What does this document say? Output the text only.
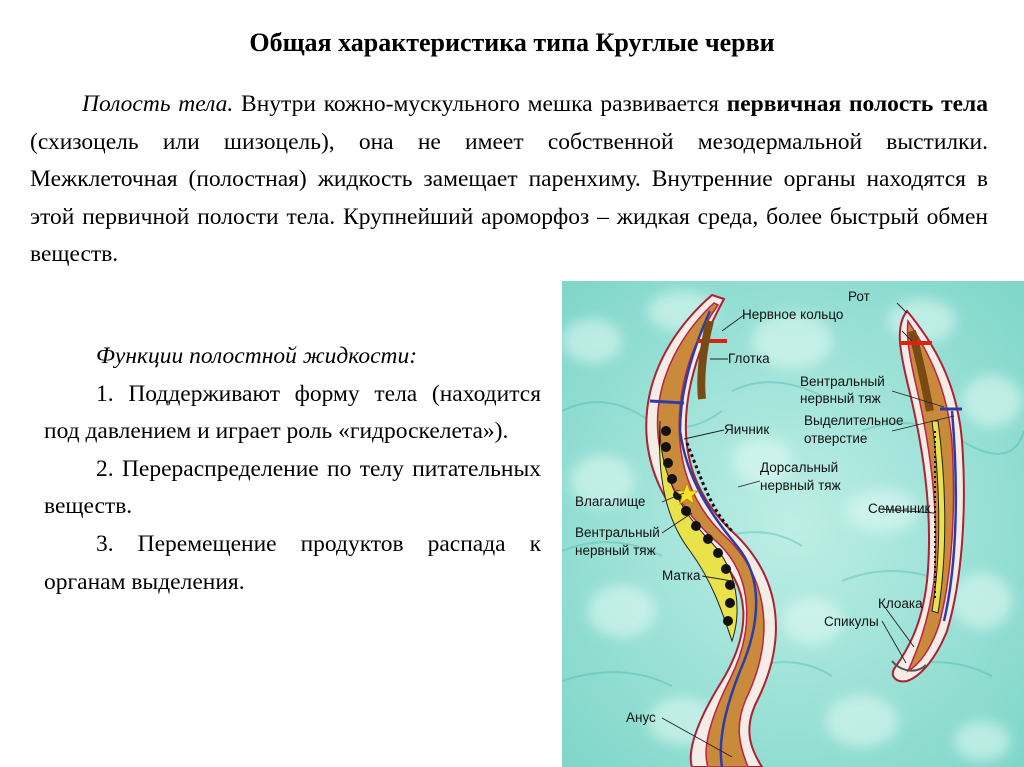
Общая характеристика типа Круглые черви
Полость тела. Внутри кожно-мускульного мешка развивается первичная полость тела (схизоцель или шизоцель), она не имеет собственной мезодермальной выстилки. Межклеточная (полостная) жидкость замещает паренхиму. Внутренние органы находятся в этой первичной полости тела. Крупнейший ароморфоз – жидкая среда, более быстрый обмен веществ.

Функции полостной жидкости:

1. Поддерживают форму тела (находится под давлением и играет роль «гидроскелета»).

2. Перераспределение по телу питательных веществ.

3. Перемещение продуктов распада к органам выделения.

Рот
Нервное кольцо
Глотка
Вентральный
нервный тяж
Выделительное
отверстие
Яичник
Дорсальный
нервный тяж
Влагалище	Семенник
Вентральный
нервный тяж
Матка
Клоака
Спикулы
Анус
